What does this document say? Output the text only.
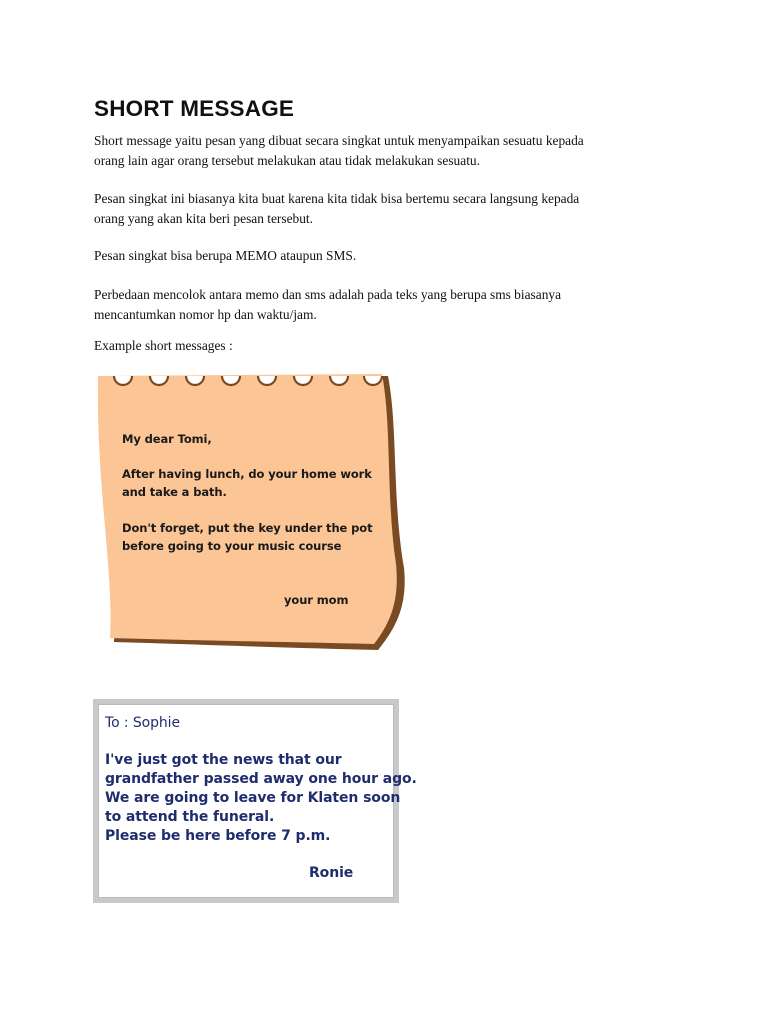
SHORT MESSAGE

Short message yaitu pesan yang dibuat secara singkat untuk menyampaikan sesuatu kepada
orang lain agar orang tersebut melakukan atau tidak melakukan sesuatu.

Pesan singkat ini biasanya kita buat karena kita tidak bisa bertemu secara langsung kepada
orang yang akan kita beri pesan tersebut.

Pesan singkat bisa berupa MEMO ataupun SMS.

Perbedaan mencolok antara memo dan sms adalah pada teks yang berupa sms biasanya
mencantumkan nomor hp dan waktu/jam.

Example short messages :

My dear Tomi,
After having lunch, do your home work
and take a bath.
Don't forget, put the key under the pot
before going to your music course
your mom
To : Sophie
I've just got the news that our
grandfather passed away one hour ago.
We are going to leave for Klaten soon
to attend the funeral.
Please be here before 7 p.m.
Ronie
